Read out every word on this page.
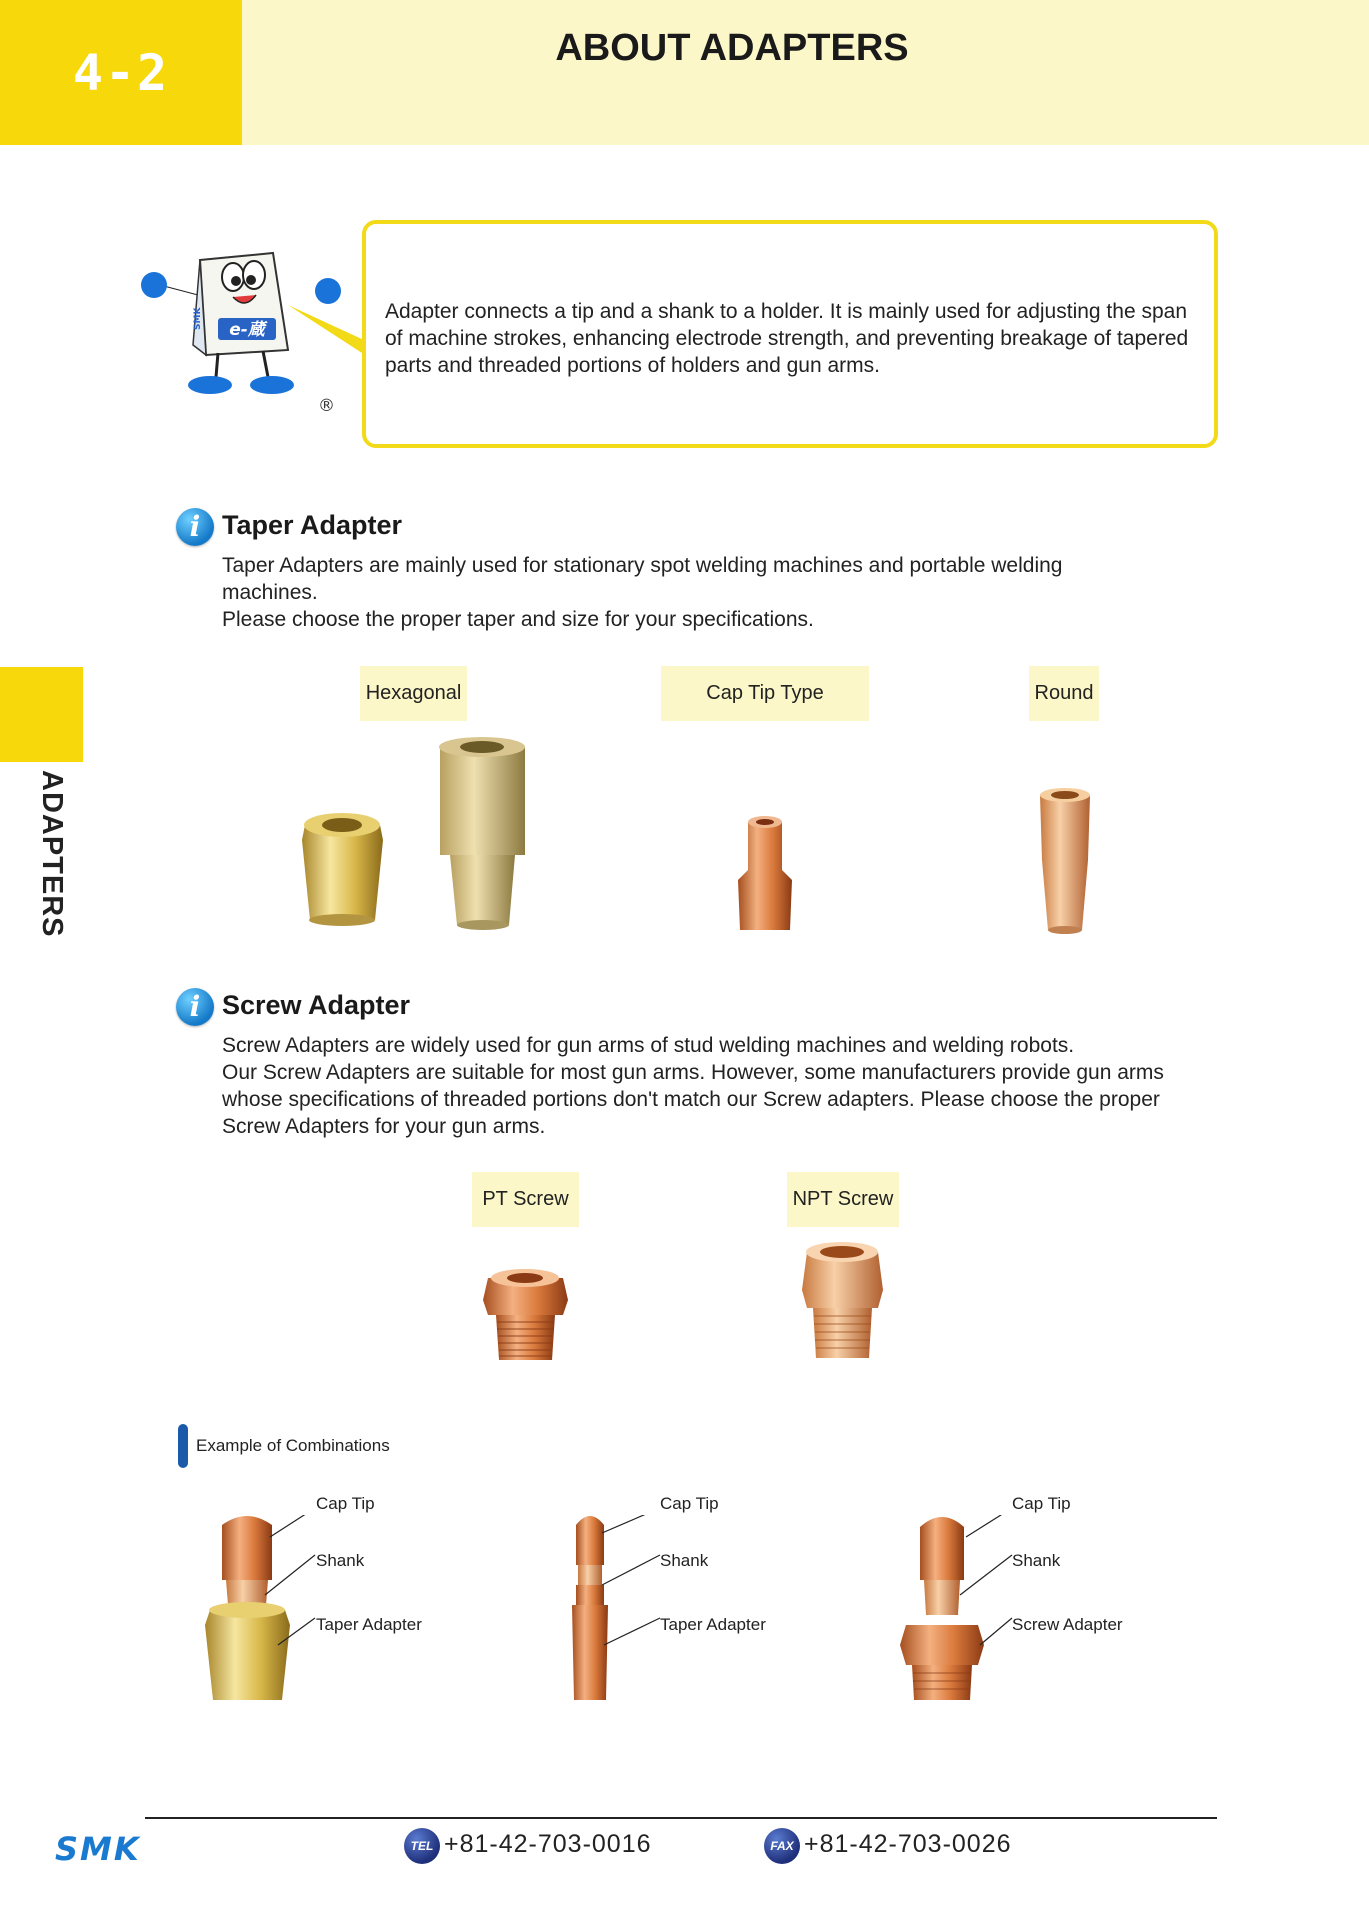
4-2	ABOUT ADAPTERS
ADAPTERS
Adapter connects a tip and a shank to a holder. It is mainly used for adjusting the span of machine strokes, enhancing electrode strength, and preventing breakage of tapered parts and threaded portions of holders and gun arms.
e-蔵
SMK
®
i Taper Adapter

Taper Adapters are mainly used for stationary spot welding machines and portable welding machines.

Please choose the proper taper and size for your specifications.

Hexagonal	Cap Tip Type	Round
i Screw Adapter

Screw Adapters are widely used for gun arms of stud welding machines and welding robots.

Our Screw Adapters are suitable for most gun arms. However, some manufacturers provide gun arms whose specifications of threaded portions don't match our Screw adapters. Please choose the proper Screw Adapters for your gun arms.

PT Screw	NPT Screw
Example of Combinations
Cap Tip
Shank
Taper Adapter
Cap Tip
Shank
Taper Adapter
Cap Tip
Shank
Screw Adapter
SMK	TEL +81-42-703-0016	FAX +81-42-703-0026
